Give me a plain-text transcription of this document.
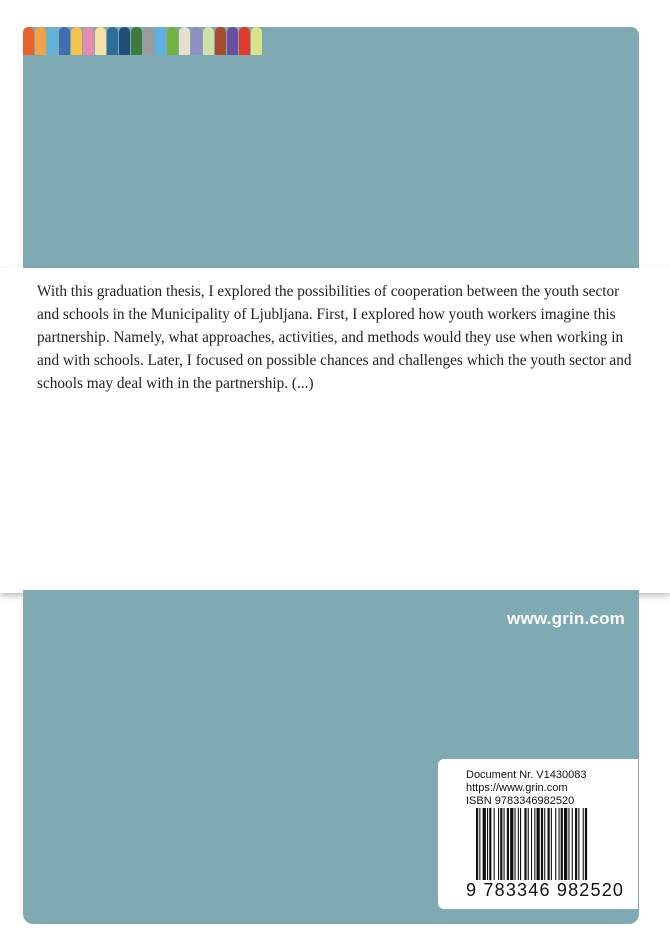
With this graduation thesis, I explored the possibilities of cooperation between the youth sector and schools in the Municipality of Ljubljana. First, I explored how youth workers imagine this partnership. Namely, what approaches, activities, and methods would they use when working in and with schools. Later, I focused on possible chances and challenges which the youth sector and schools may deal with in the partnership. (...)

www.grin.com
Document Nr. V1430083
https://www.grin.com
ISBN 9783346982520
9 783346 982520
